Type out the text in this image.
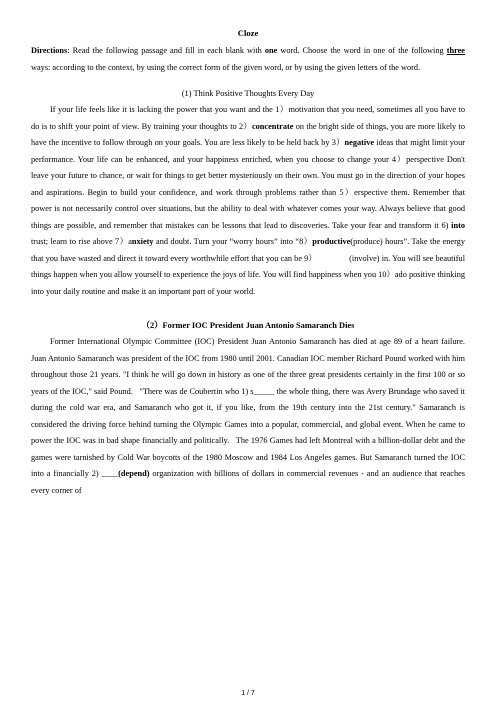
Cloze

Directions: Read the following passage and fill in each blank with one word. Choose the word in one of the following three ways: according to the context, by using the correct form of the given word, or by using the given letters of the word.

(1) Think Positive Thoughts Every Day

If your life feels like it is lacking the power that you want and the 1）motivation that you need, sometimes all you have to do is to shift your point of view. By training your thoughts to 2）concentrate on the bright side of things, you are more likely to have the incentive to follow through on your goals. You are less likely to be held back by 3）negative ideas that might limit your performance. Your life can be enhanced, and your happiness enriched, when you choose to change your 4）perspective Don't leave your future to chance, or wait for things to get better mysteriously on their own. You must go in the direction of your hopes and aspirations. Begin to build your confidence, and work through problems rather than 5）erspective them. Remember that power is not necessarily control over situations, but the ability to deal with whatever comes your way. Always believe that good things are possible, and remember that mistakes can be lessons that lead to discoveries. Take your fear and transform it 6) into trust; learn to rise above 7）anxiety and doubt. Turn your “worry hours” into “8）productive(produce) hours”. Take the energy that you have wasted and direct it toward every worthwhile effort that you can be 9）               (involve) in. You will see beautiful things happen when you allow yourself to experience the joys of life. You will find happiness when you 10）ado positive thinking into your daily routine and make it an important part of your world.

（2）Former IOC President Juan Antonio Samaranch Dies

Former International Olympic Committee (IOC) President Juan Antonio Samaranch has died at age 89 of a heart failure. Juan Antonio Samaranch was president of the IOC from 1980 until 2001. Canadian IOC member Richard Pound worked with him throughout those 21 years. "I think he will go down in history as one of the three great presidents certainly in the first 100 or so years of the IOC," said Pound.   "There was de Coubertin who 1) s_____ the whole thing, there was Avery Brundage who saved it during the cold war era, and Samaranch who got it, if you like, from the 19th century into the 21st century." Samaranch is considered the driving force behind turning the Olympic Games into a popular, commercial, and global event. When he came to power the IOC was in bad shape financially and politically.   The 1976 Games had left Montreal with a billion-dollar debt and the games were tarnished by Cold War boycotts of the 1980 Moscow and 1984 Los Angeles games. But Samaranch turned the IOC into a financially 2) ____(depend) organization with billions of dollars in commercial revenues - and an audience that reaches every corner of

1 / 7
